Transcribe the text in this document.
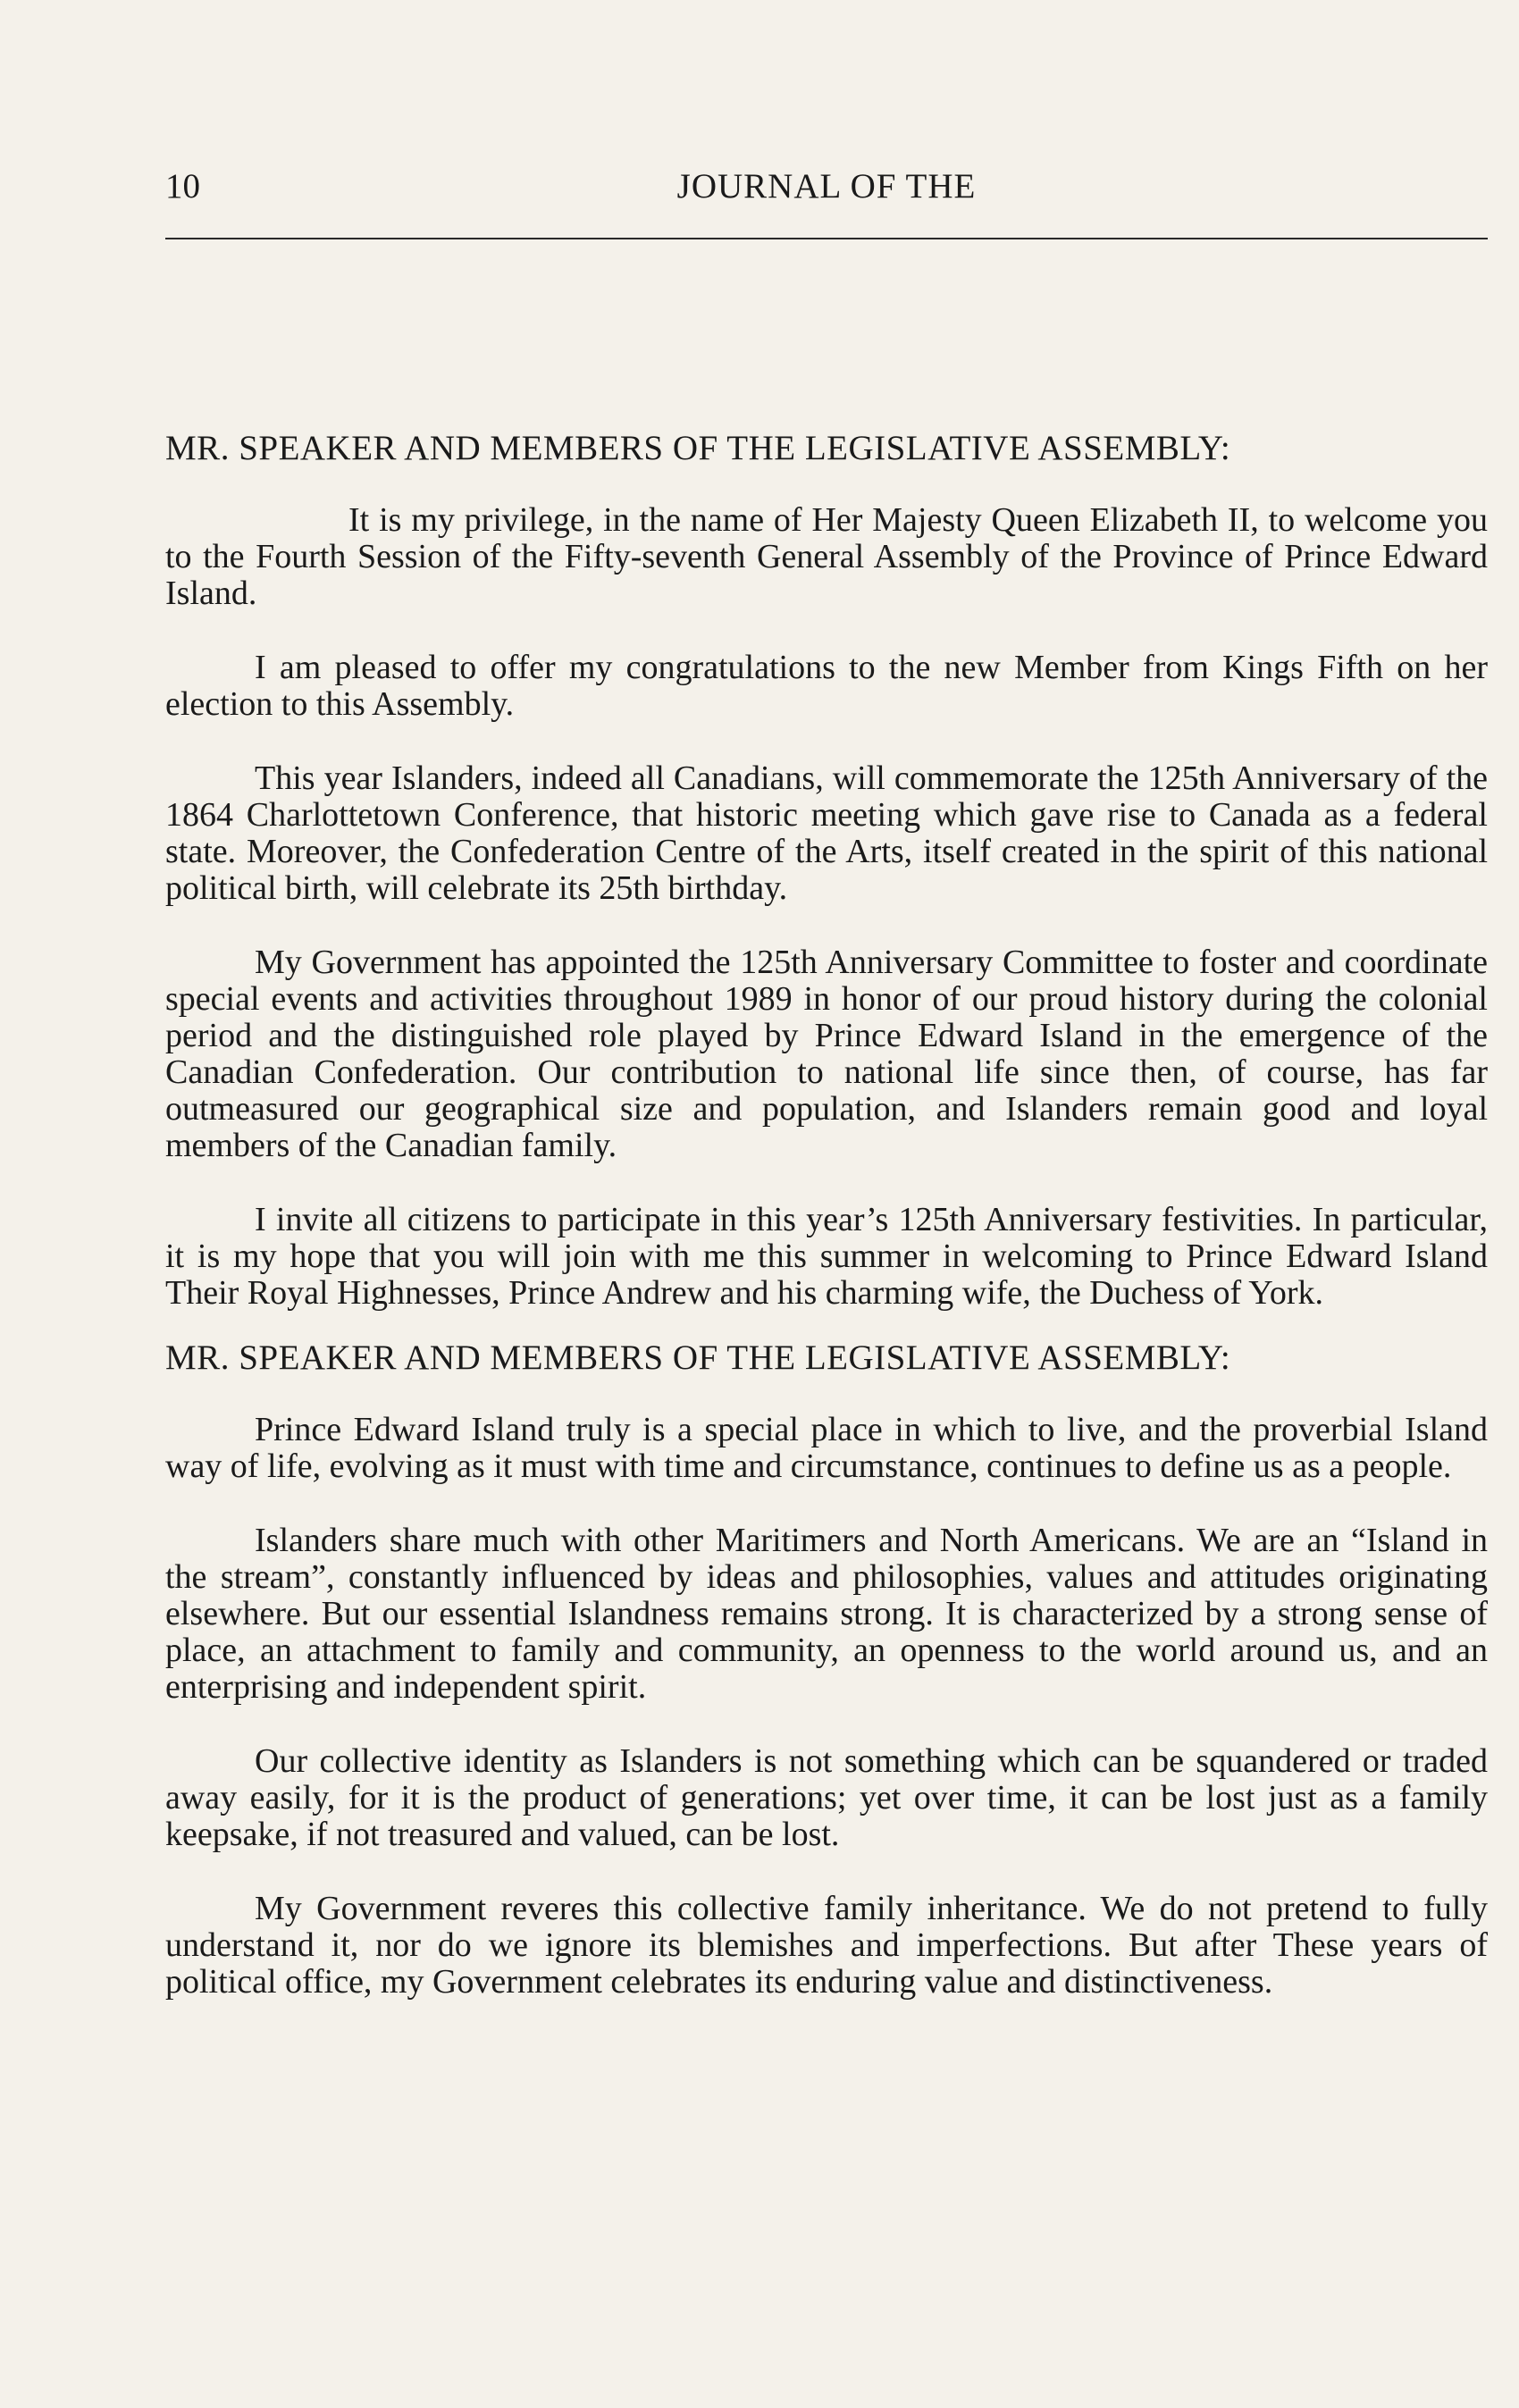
10	JOURNAL OF THE
MR. SPEAKER AND MEMBERS OF THE LEGISLATIVE ASSEMBLY:

It is my privilege, in the name of Her Majesty Queen Elizabeth II, to welcome you to the Fourth Session of the Fifty-seventh General Assembly of the Province of Prince Edward Island.

I am pleased to offer my congratulations to the new Member from Kings Fifth on her election to this Assembly.

This year Islanders, indeed all Canadians, will commemorate the 125th Anniversary of the 1864 Charlottetown Conference, that historic meeting which gave rise to Canada as a federal state. Moreover, the Confederation Centre of the Arts, itself created in the spirit of this national political birth, will celebrate its 25th birthday.

My Government has appointed the 125th Anniversary Committee to foster and coordinate special events and activities throughout 1989 in honor of our proud history during the colonial period and the distinguished role played by Prince Edward Island in the emergence of the Canadian Confederation. Our contribution to national life since then, of course, has far outmeasured our geographical size and population, and Islanders remain good and loyal members of the Canadian family.

I invite all citizens to participate in this year’s 125th Anniversary festivities. In particular, it is my hope that you will join with me this summer in welcoming to Prince Edward Island Their Royal Highnesses, Prince Andrew and his charming wife, the Duchess of York.

MR. SPEAKER AND MEMBERS OF THE LEGISLATIVE ASSEMBLY:

Prince Edward Island truly is a special place in which to live, and the proverbial Island way of life, evolving as it must with time and circumstance, continues to define us as a people.

Islanders share much with other Maritimers and North Americans. We are an “Island in the stream”, constantly influenced by ideas and philosophies, values and attitudes originating elsewhere. But our essential Islandness remains strong. It is characterized by a strong sense of place, an attachment to family and community, an openness to the world around us, and an enterprising and independent spirit.

Our collective identity as Islanders is not something which can be squandered or traded away easily, for it is the product of generations; yet over time, it can be lost just as a family keepsake, if not treasured and valued, can be lost.

My Government reveres this collective family inheritance. We do not pretend to fully understand it, nor do we ignore its blemishes and imperfections. But after These years of political office, my Government celebrates its enduring value and distinctiveness.
